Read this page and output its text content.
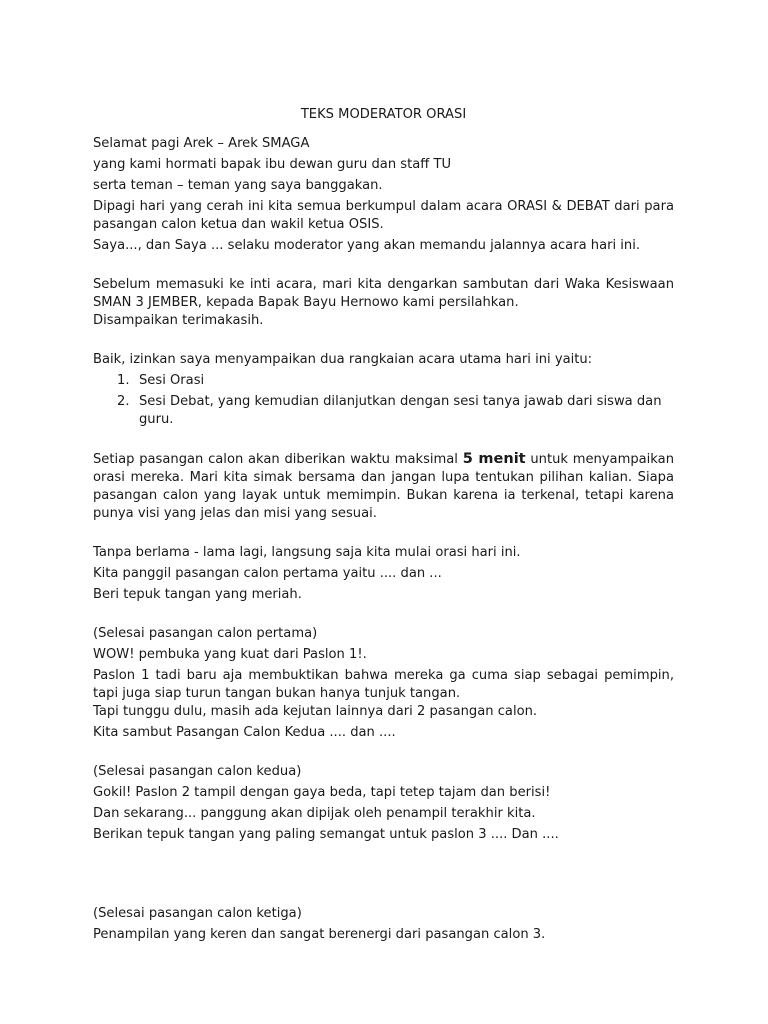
TEKS MODERATOR ORASI
Selamat pagi Arek – Arek SMAGA
yang kami hormati bapak ibu dewan guru dan staff TU
serta teman – teman yang saya banggakan.
Dipagi hari yang cerah ini kita semua berkumpul dalam acara ORASI & DEBAT dari para pasangan calon ketua dan wakil ketua OSIS.
Saya..., dan Saya ... selaku moderator yang akan memandu jalannya acara hari ini.
Sebelum memasuki ke inti acara, mari kita dengarkan sambutan dari Waka Kesiswaan SMAN 3 JEMBER, kepada Bapak Bayu Hernowo kami persilahkan.
Disampaikan terimakasih.
Baik, izinkan saya menyampaikan dua rangkaian acara utama hari ini yaitu:
1. Sesi Orasi
2. Sesi Debat, yang kemudian dilanjutkan dengan sesi tanya jawab dari siswa dan guru.
Setiap pasangan calon akan diberikan waktu maksimal 5 menit untuk menyampaikan orasi mereka. Mari kita simak bersama dan jangan lupa tentukan pilihan kalian. Siapa pasangan calon yang layak untuk memimpin. Bukan karena ia terkenal, tetapi karena punya visi yang jelas dan misi yang sesuai.
Tanpa berlama - lama lagi, langsung saja kita mulai orasi hari ini.
Kita panggil pasangan calon pertama yaitu .... dan ...
Beri tepuk tangan yang meriah.
(Selesai pasangan calon pertama)
WOW! pembuka yang kuat dari Paslon 1!.
Paslon 1 tadi baru aja membuktikan bahwa mereka ga cuma siap sebagai pemimpin, tapi juga siap turun tangan bukan hanya tunjuk tangan.
Tapi tunggu dulu, masih ada kejutan lainnya dari 2 pasangan calon.
Kita sambut Pasangan Calon Kedua .... dan ....
(Selesai pasangan calon kedua)
Gokil! Paslon 2 tampil dengan gaya beda, tapi tetep tajam dan berisi!
Dan sekarang... panggung akan dipijak oleh penampil terakhir kita.
Berikan tepuk tangan yang paling semangat untuk paslon 3 .... Dan ....
(Selesai pasangan calon ketiga)
Penampilan yang keren dan sangat berenergi dari pasangan calon 3.
